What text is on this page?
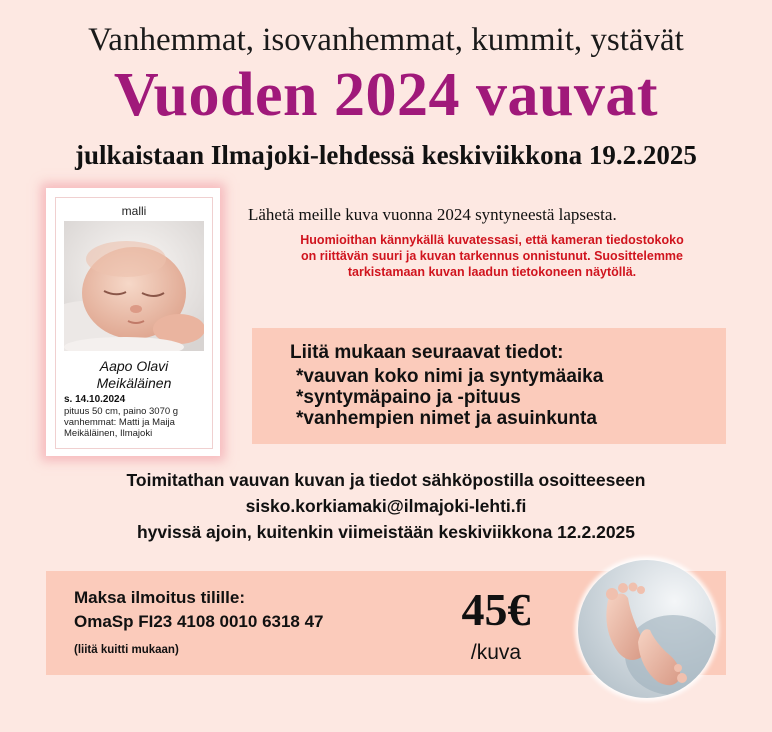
Vanhemmat, isovanhemmat, kummit, ystävät
Vuoden 2024 vauvat
julkaistaan Ilmajoki-lehdessä keskiviikkona 19.2.2025
malli
Aapo Olavi
Meikäläinen
s. 14.10.2024
pituus 50 cm, paino 3070 g
vanhemmat: Matti ja Maija
Meikäläinen, Ilmajoki
Lähetä meille kuva vuonna 2024 syntyneestä lapsesta.
Huomioithan kännykällä kuvatessasi, että kameran tiedostokoko
on riittävän suuri ja kuvan tarkennus onnistunut. Suosittelemme
tarkistamaan kuvan laadun tietokoneen näytöllä.
Liitä mukaan seuraavat tiedot:
*vauvan koko nimi ja syntymäaika
*syntymäpaino ja -pituus
*vanhempien nimet ja asuinkunta
Toimitathan vauvan kuvan ja tiedot sähköpostilla osoitteeseen
sisko.korkiamaki@ilmajoki-lehti.fi
hyvissä ajoin, kuitenkin viimeistään keskiviikkona 12.2.2025
Maksa ilmoitus tilille:
OmaSp FI23 4108 0010 6318 47
(liitä kuitti mukaan)
45€
/kuva
